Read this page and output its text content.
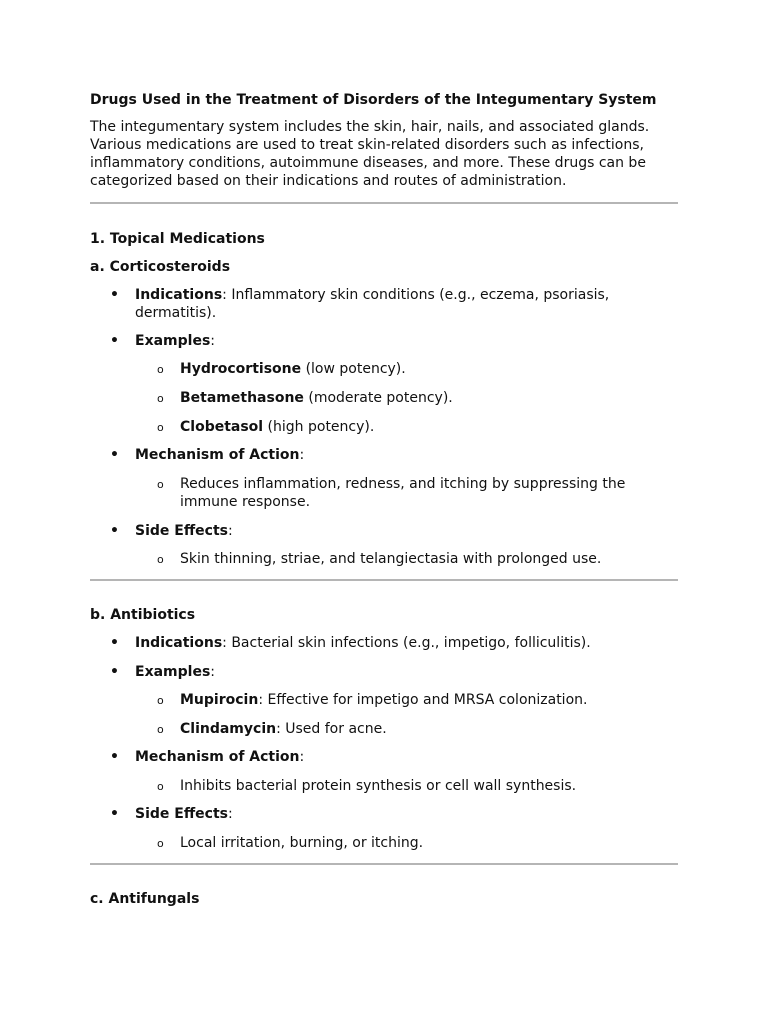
Drugs Used in the Treatment of Disorders of the Integumentary System

The integumentary system includes the skin, hair, nails, and associated glands. Various medications are used to treat skin-related disorders such as infections, inflammatory conditions, autoimmune diseases, and more. These drugs can be categorized based on their indications and routes of administration.

1. Topical Medications
a. Corticosteroids
• Indications: Inflammatory skin conditions (e.g., eczema, psoriasis, dermatitis).
• Examples:
o Hydrocortisone (low potency).
o Betamethasone (moderate potency).
o Clobetasol (high potency).
• Mechanism of Action:
o Reduces inflammation, redness, and itching by suppressing the immune response.
• Side Effects:
o Skin thinning, striae, and telangiectasia with prolonged use.
b. Antibiotics
• Indications: Bacterial skin infections (e.g., impetigo, folliculitis).
• Examples:
o Mupirocin: Effective for impetigo and MRSA colonization.
o Clindamycin: Used for acne.
• Mechanism of Action:
o Inhibits bacterial protein synthesis or cell wall synthesis.
• Side Effects:
o Local irritation, burning, or itching.
c. Antifungals
